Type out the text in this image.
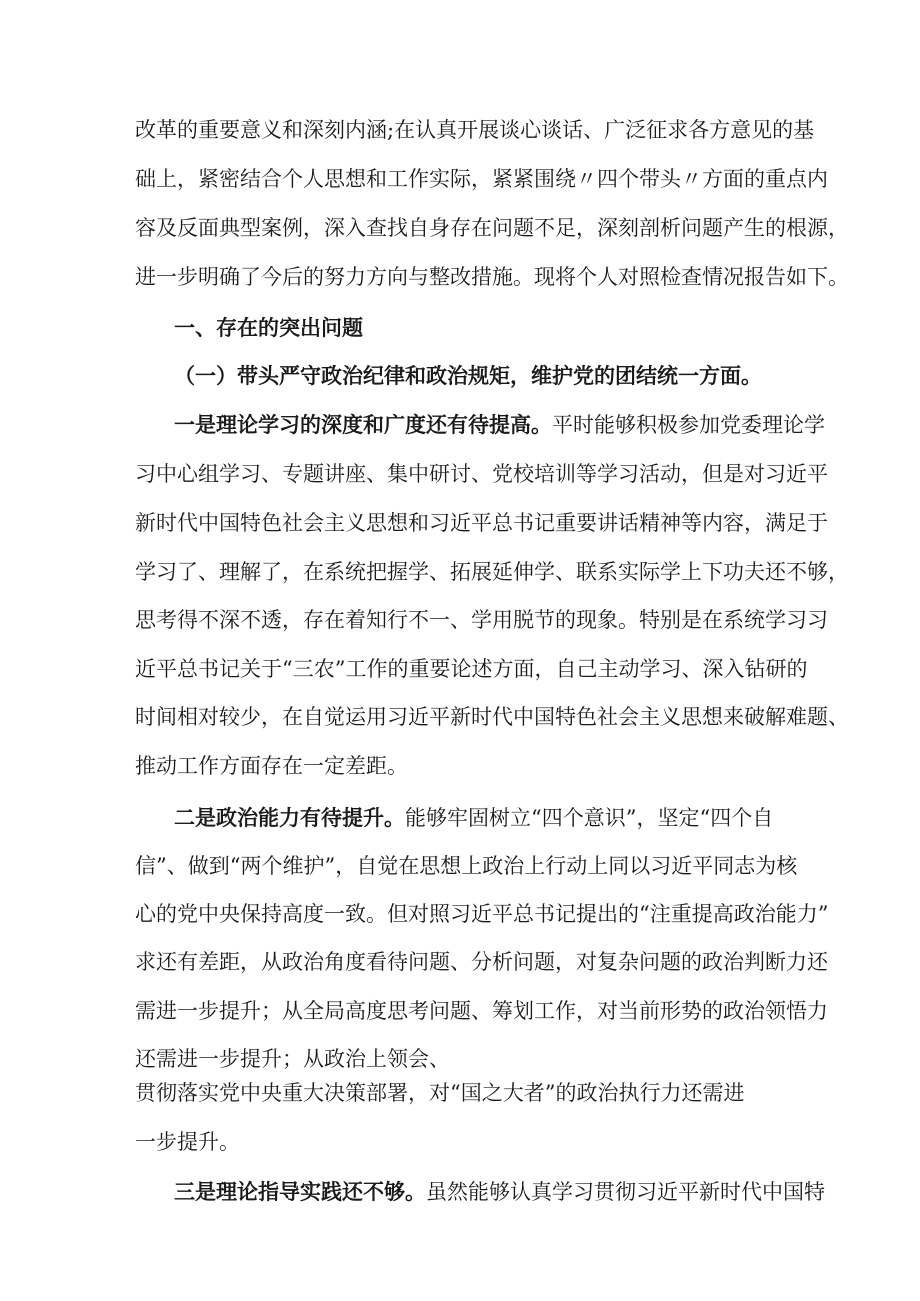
改革的重要意义和深刻内涵;在认真开展谈心谈话、广泛征求各方意见的基
础上，紧密结合个人思想和工作实际，紧紧围绕〃四个带头〃方面的重点内
容及反面典型案例，深入查找自身存在问题不足，深刻剖析问题产生的根源，
进一步明确了今后的努力方向与整改措施。现将个人对照检查情况报告如下。
一、存在的突出问题
（一）带头严守政治纪律和政治规矩，维护党的团结统一方面。
一是理论学习的深度和广度还有待提高。平时能够积极参加党委理论学
习中心组学习、专题讲座、集中研讨、党校培训等学习活动，但是对习近平
新时代中国特色社会主义思想和习近平总书记重要讲话精神等内容，满足于
学习了、理解了，在系统把握学、拓展延伸学、联系实际学上下功夫还不够，
思考得不深不透，存在着知行不一、学用脱节的现象。特别是在系统学习习
近平总书记关于“三农”工作的重要论述方面，自己主动学习、深入钻研的
时间相对较少，在自觉运用习近平新时代中国特色社会主义思想来破解难题、
推动工作方面存在一定差距。
二是政治能力有待提升。能够牢固树立“四个意识”，坚定“四个自
信”、做到“两个维护”，自觉在思想上政治上行动上同以习近平同志为核
心的党中央保持高度一致。但对照习近平总书记提出的“注重提高政治能力”
求还有差距，从政治角度看待问题、分析问题，对复杂问题的政治判断力还
需进一步提升；从全局高度思考问题、筹划工作，对当前形势的政治领悟力
还需进一步提升；从政治上领会、
贯彻落实党中央重大决策部署，对“国之大者”的政治执行力还需进
一步提升。
三是理论指导实践还不够。虽然能够认真学习贯彻习近平新时代中国特
